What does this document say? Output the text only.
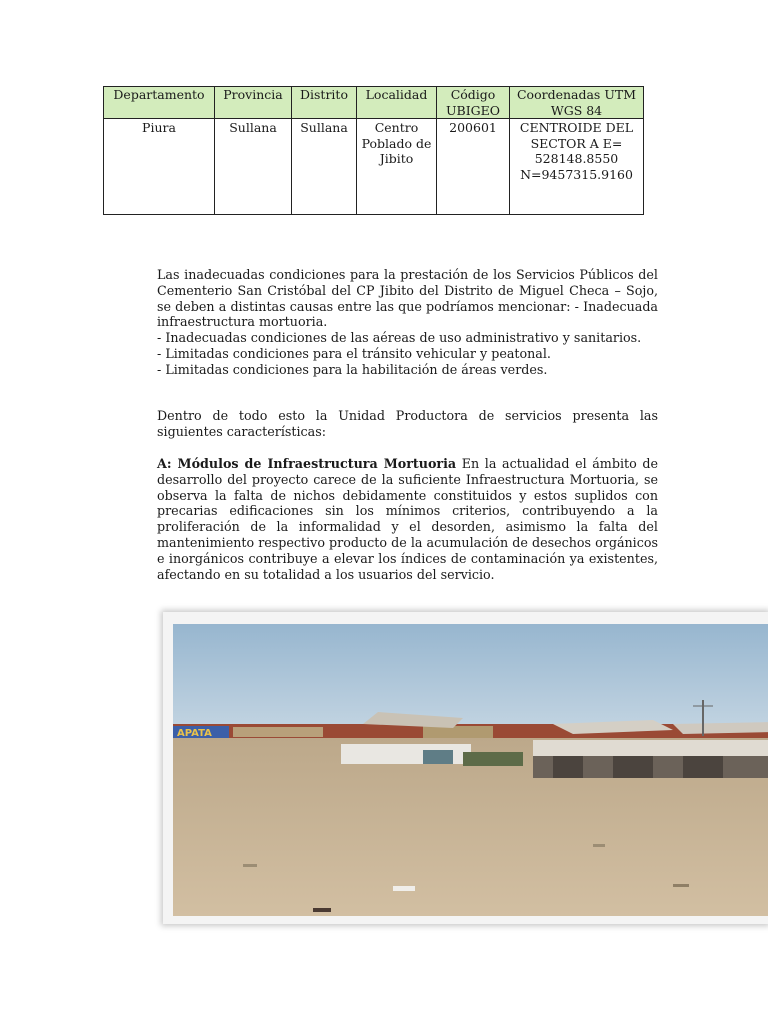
Departamento	Provincia	Distrito	Localidad	Código UBIGEO	Coordenadas UTM WGS 84
Piura	Sullana	Sullana	Centro Poblado de Jibito	200601	CENTROIDE DEL SECTOR A E= 528148.8550 N=9457315.9160
Las inadecuadas condiciones para la prestación de los Servicios Públicos del Cementerio San Cristóbal del CP Jibito del Distrito de Miguel Checa – Sojo, se deben a distintas causas entre las que podríamos mencionar: - Inadecuada infraestructura mortuoria.
- Inadecuadas condiciones de las aéreas de uso administrativo y sanitarios.
- Limitadas condiciones para el tránsito vehicular y peatonal.
- Limitadas condiciones para la habilitación de áreas verdes.

Dentro de todo esto la Unidad Productora de servicios presenta las siguientes características:

A: Módulos de Infraestructura Mortuoria En la actualidad el ámbito de desarrollo del proyecto carece de la suficiente Infraestructura Mortuoria, se observa la falta de nichos debidamente constituidos y estos suplidos con precarias edificaciones sin los mínimos criterios, contribuyendo a la proliferación de la informalidad y el desorden, asimismo la falta del mantenimiento respectivo producto de la acumulación de desechos orgánicos e inorgánicos contribuye a elevar los índices de contaminación ya existentes, afectando en su totalidad a los usuarios del servicio.

APATA
